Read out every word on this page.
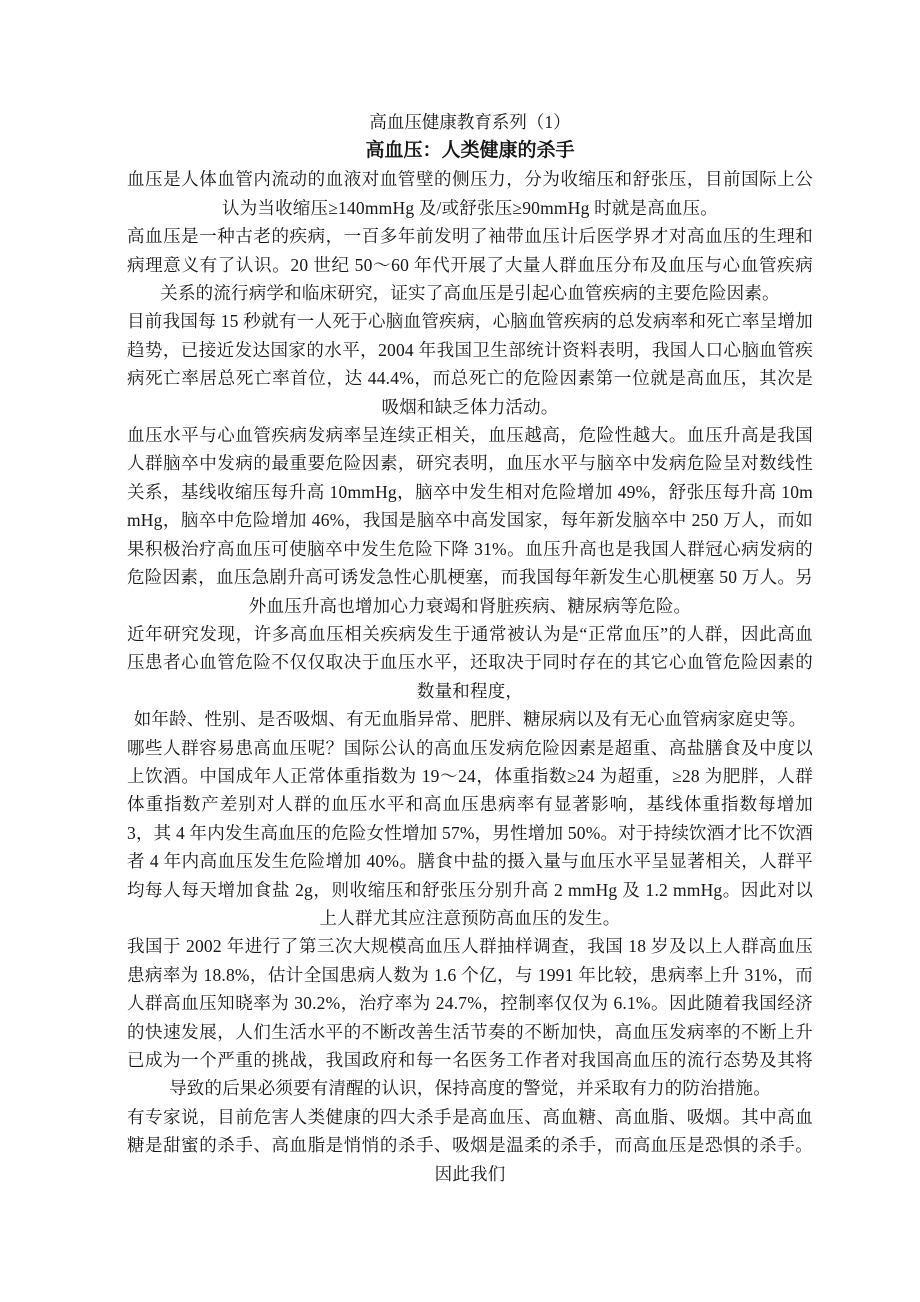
高血压健康教育系列（1）
高血压：人类健康的杀手

血压是人体血管内流动的血液对血管壁的侧压力，分为收缩压和舒张压，目前国际上公认为当收缩压≥140mmHg 及/或舒张压≥90mmHg 时就是高血压。

高血压是一种古老的疾病，一百多年前发明了袖带血压计后医学界才对高血压的生理和病理意义有了认识。20 世纪 50～60 年代开展了大量人群血压分布及血压与心血管疾病关系的流行病学和临床研究，证实了高血压是引起心血管疾病的主要危险因素。

目前我国每 15 秒就有一人死于心脑血管疾病，心脑血管疾病的总发病率和死亡率呈增加趋势，已接近发达国家的水平，2004 年我国卫生部统计资料表明，我国人口心脑血管疾病死亡率居总死亡率首位，达 44.4%，而总死亡的危险因素第一位就是高血压，其次是吸烟和缺乏体力活动。

血压水平与心血管疾病发病率呈连续正相关，血压越高，危险性越大。血压升高是我国人群脑卒中发病的最重要危险因素，研究表明，血压水平与脑卒中发病危险呈对数线性关系，基线收缩压每升高 10mmHg，脑卒中发生相对危险增加 49%，舒张压每升高 10mmHg，脑卒中危险增加 46%，我国是脑卒中高发国家，每年新发脑卒中 250 万人，而如果积极治疗高血压可使脑卒中发生危险下降 31%。血压升高也是我国人群冠心病发病的危险因素，血压急剧升高可诱发急性心肌梗塞，而我国每年新发生心肌梗塞 50 万人。另外血压升高也增加心力衰竭和肾脏疾病、糖尿病等危险。

近年研究发现，许多高血压相关疾病发生于通常被认为是“正常血压”的人群，因此高血压患者心血管危险不仅仅取决于血压水平，还取决于同时存在的其它心血管危险因素的数量和程度，

如年龄、性别、是否吸烟、有无血脂异常、肥胖、糖尿病以及有无心血管病家庭史等。

哪些人群容易患高血压呢？国际公认的高血压发病危险因素是超重、高盐膳食及中度以上饮酒。中国成年人正常体重指数为 19～24，体重指数≥24 为超重，≥28 为肥胖，人群体重指数产差别对人群的血压水平和高血压患病率有显著影响，基线体重指数每增加 3，其 4 年内发生高血压的危险女性增加 57%，男性增加 50%。对于持续饮酒才比不饮酒者 4 年内高血压发生危险增加 40%。膳食中盐的摄入量与血压水平呈显著相关，人群平均每人每天增加食盐 2g，则收缩压和舒张压分别升高 2 mmHg 及 1.2 mmHg。因此对以上人群尤其应注意预防高血压的发生。

我国于 2002 年进行了第三次大规模高血压人群抽样调查，我国 18 岁及以上人群高血压患病率为 18.8%，估计全国患病人数为 1.6 个亿，与 1991 年比较，患病率上升 31%，而人群高血压知晓率为 30.2%，治疗率为 24.7%，控制率仅仅为 6.1%。因此随着我国经济的快速发展，人们生活水平的不断改善生活节奏的不断加快，高血压发病率的不断上升已成为一个严重的挑战，我国政府和每一名医务工作者对我国高血压的流行态势及其将导致的后果必须要有清醒的认识，保持高度的警觉，并采取有力的防治措施。

有专家说，目前危害人类健康的四大杀手是高血压、高血糖、高血脂、吸烟。其中高血糖是甜蜜的杀手、高血脂是悄悄的杀手、吸烟是温柔的杀手，而高血压是恐惧的杀手。因此我们
